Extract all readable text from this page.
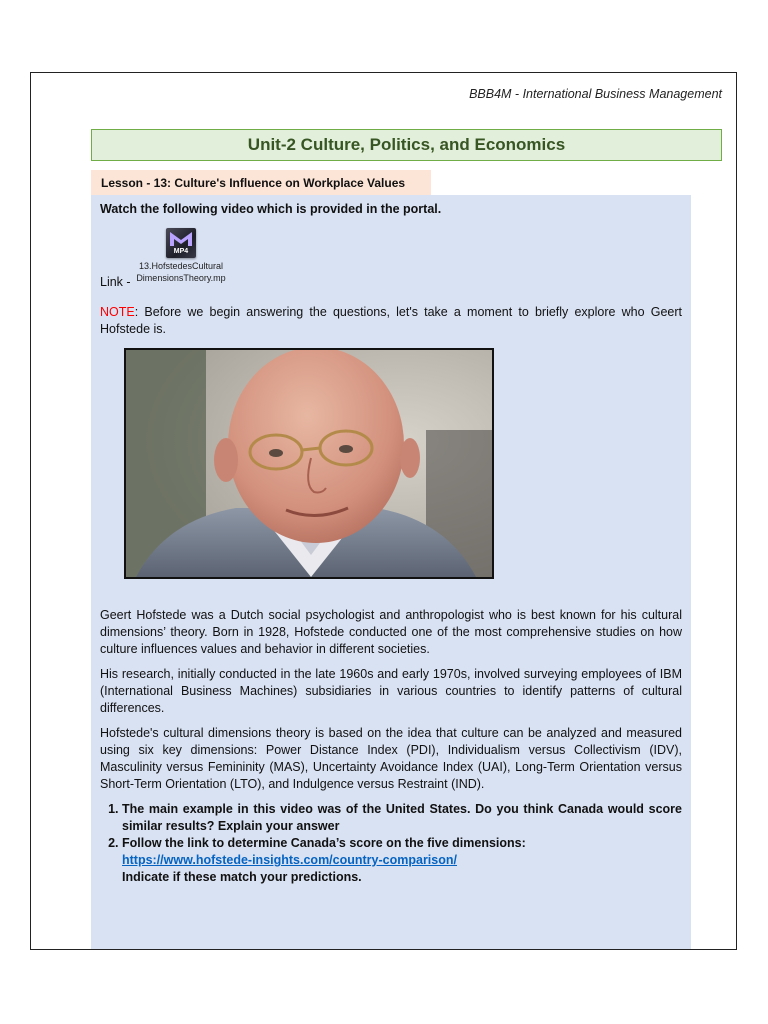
BBB4M - International Business Management
Unit-2 Culture, Politics, and Economics
Lesson - 13: Culture's Influence on Workplace Values

Watch the following video which is provided in the portal.

Link -
MP4
13.HofstedesCultural
DimensionsTheory.mp

NOTE: Before we begin answering the questions, let's take a moment to briefly explore who Geert Hofstede is.

Geert Hofstede was a Dutch social psychologist and anthropologist who is best known for his cultural dimensions’ theory. Born in 1928, Hofstede conducted one of the most comprehensive studies on how culture influences values and behavior in different societies.

His research, initially conducted in the late 1960s and early 1970s, involved surveying employees of IBM (International Business Machines) subsidiaries in various countries to identify patterns of cultural differences.

Hofstede's cultural dimensions theory is based on the idea that culture can be analyzed and measured using six key dimensions: Power Distance Index (PDI), Individualism versus Collectivism (IDV), Masculinity versus Femininity (MAS), Uncertainty Avoidance Index (UAI), Long-Term Orientation versus Short-Term Orientation (LTO), and Indulgence versus Restraint (IND).

1. The main example in this video was of the United States. Do you think Canada would score similar results? Explain your answer
2. Follow the link to determine Canada’s score on the five dimensions:
https://www.hofstede-insights.com/country-comparison/
Indicate if these match your predictions.
